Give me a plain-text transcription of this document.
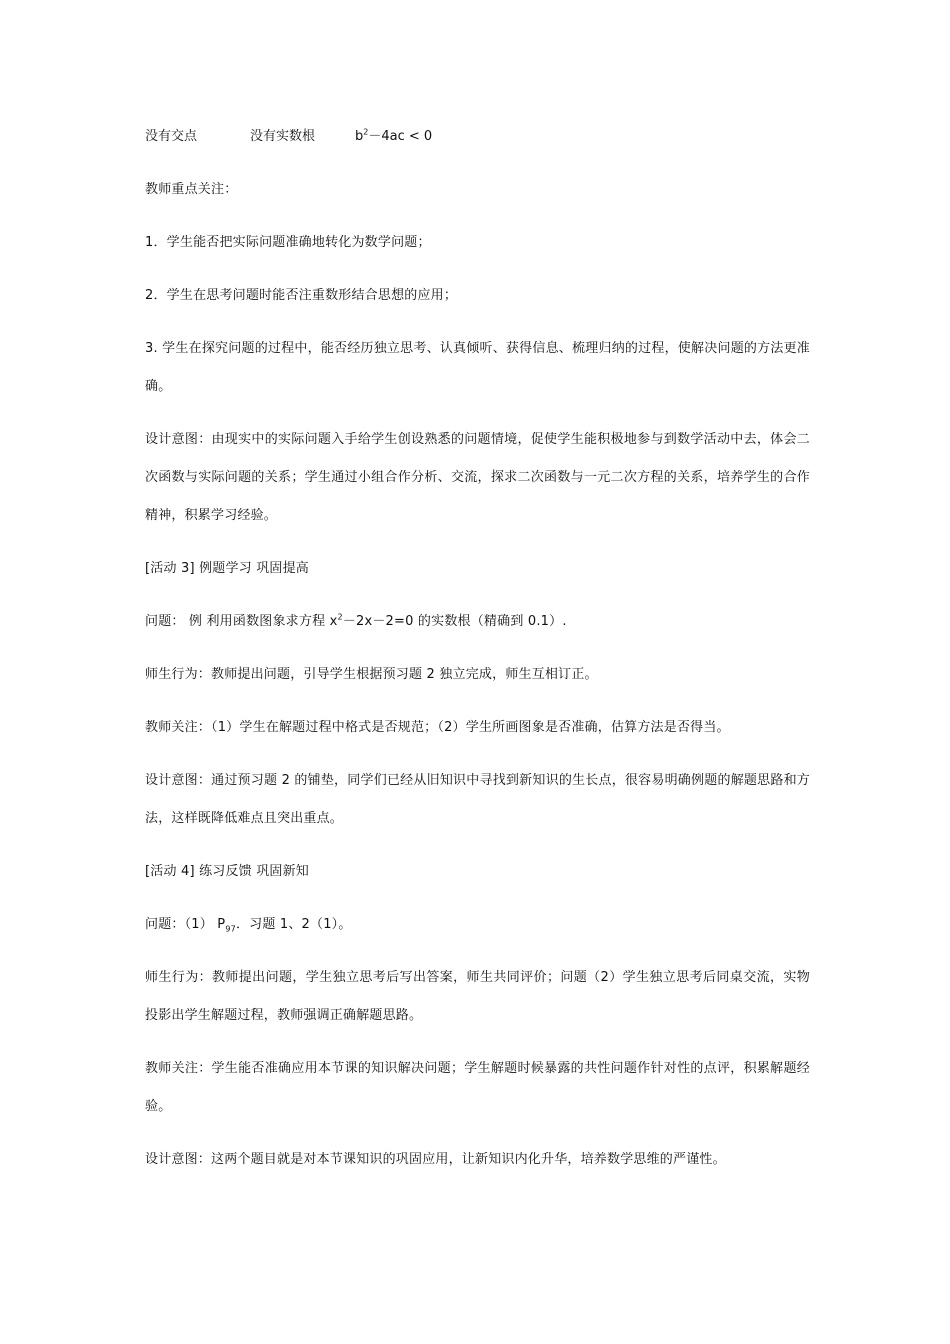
没有交点	没有实数根	$b^2-4ac < 0$

教师重点关注：

1．学生能否把实际问题准确地转化为数学问题；

2．学生在思考问题时能否注重数形结合思想的应用；

3. 学生在探究问题的过程中，能否经历独立思考、认真倾听、获得信息、梳理归纳的过程，使解决问题的方法更准确。

设计意图：由现实中的实际问题入手给学生创设熟悉的问题情境，促使学生能积极地参与到数学活动中去，体会二次函数与实际问题的关系；学生通过小组合作分析、交流，探求二次函数与一元二次方程的关系，培养学生的合作精神，积累学习经验。

[活动 3] 例题学习 巩固提高

问题： 例 利用函数图象求方程 $x^2-2x-2=0$ 的实数根（精确到 0.1）.

师生行为：教师提出问题，引导学生根据预习题 2 独立完成，师生互相订正。

教师关注：（1）学生在解题过程中格式是否规范；（2）学生所画图象是否准确，估算方法是否得当。

设计意图：通过预习题 2 的铺垫，同学们已经从旧知识中寻找到新知识的生长点，很容易明确例题的解题思路和方法，这样既降低难点且突出重点。

[活动 4] 练习反馈 巩固新知

问题：（1） $P_{97}$．习题 1、2（1）。

师生行为：教师提出问题，学生独立思考后写出答案，师生共同评价；问题（2）学生独立思考后同桌交流，实物投影出学生解题过程，教师强调正确解题思路。

教师关注：学生能否准确应用本节课的知识解决问题；学生解题时候暴露的共性问题作针对性的点评，积累解题经验。

设计意图：这两个题目就是对本节课知识的巩固应用，让新知识内化升华，培养数学思维的严谨性。
